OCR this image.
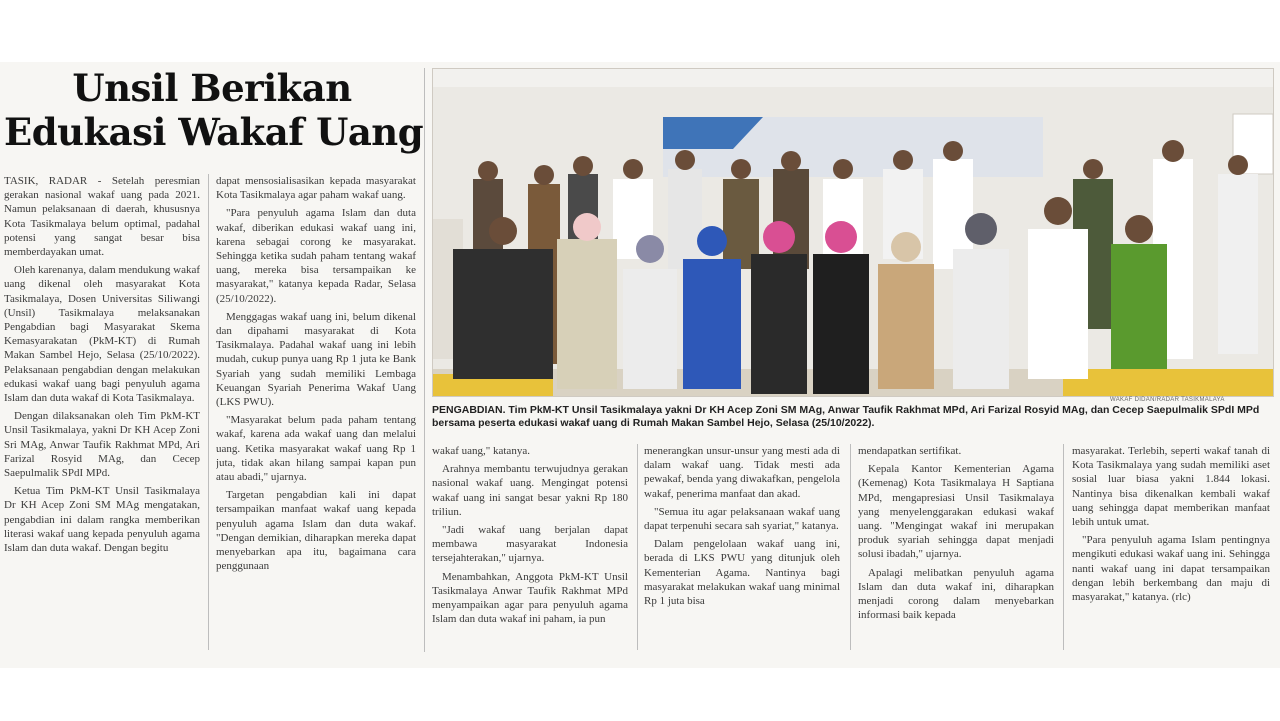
Unsil Berikan
Edukasi Wakaf Uang

TASIK, RADAR - Setelah peresmian gerakan nasional wakaf uang pada 2021. Namun pelaksanaan di daerah, khususnya Kota Tasikmalaya belum optimal, padahal potensi yang sangat besar bisa memberdayakan umat.

Oleh karenanya, dalam mendukung wakaf uang dikenal oleh masyarakat Kota Tasikmalaya, Dosen Universitas Siliwangi (Unsil) Tasikmalaya melaksanakan Pengabdian bagi Masyarakat Skema Kemasyarakatan (PkM-KT) di Rumah Makan Sambel Hejo, Selasa (25/10/2022). Pelaksanaan pengabdian dengan melakukan edukasi wakaf uang bagi penyuluh agama Islam dan duta wakaf di Kota Tasikmalaya.

Dengan dilaksanakan oleh Tim PkM-KT Unsil Tasikmalaya, yakni Dr KH Acep Zoni Sri MAg, Anwar Taufik Rakhmat MPd, Ari Farizal Rosyid MAg, dan Cecep Saepulmalik SPdI MPd.

Ketua Tim PkM-KT Unsil Tasikmalaya Dr KH Acep Zoni SM MAg mengatakan, pengabdian ini dalam rangka memberikan literasi wakaf uang kepada penyuluh agama Islam dan duta wakaf. Dengan begitu

dapat mensosialisasikan kepada masyarakat Kota Tasikmalaya agar paham wakaf uang.

"Para penyuluh agama Islam dan duta wakaf, diberikan edukasi wakaf uang ini, karena sebagai corong ke masyarakat. Sehingga ketika sudah paham tentang wakaf uang, mereka bisa tersampaikan ke masyarakat," katanya kepada Radar, Selasa (25/10/2022).

Menggagas wakaf uang ini, belum dikenal dan dipahami masyarakat di Kota Tasikmalaya. Padahal wakaf uang ini lebih mudah, cukup punya uang Rp 1 juta ke Bank Syariah yang sudah memiliki Lembaga Keuangan Syariah Penerima Wakaf Uang (LKS PWU).

"Masyarakat belum pada paham tentang wakaf, karena ada wakaf uang dan melalui uang. Ketika masyarakat wakaf uang Rp 1 juta, tidak akan hilang sampai kapan pun atau abadi," ujarnya.

Targetan pengabdian kali ini dapat tersampaikan manfaat wakaf uang kepada penyuluh agama Islam dan duta wakaf. "Dengan demikian, diharapkan mereka dapat menyebarkan apa itu, bagaimana cara penggunaan

WAKAF DIDAN/RADAR TASIKMALAYA
PENGABDIAN. Tim PkM-KT Unsil Tasikmalaya yakni Dr KH Acep Zoni SM MAg, Anwar Taufik Rakhmat MPd, Ari Farizal Rosyid MAg, dan Cecep Saepulmalik SPdI MPd bersama peserta edukasi wakaf uang di Rumah Makan Sambel Hejo, Selasa (25/10/2022).

wakaf uang," katanya.

Arahnya membantu terwujudnya gerakan nasional wakaf uang. Mengingat potensi wakaf uang ini sangat besar yakni Rp 180 triliun.

"Jadi wakaf uang berjalan dapat membawa masyarakat Indonesia tersejahterakan," ujarnya.

Menambahkan, Anggota PkM-KT Unsil Tasikmalaya Anwar Taufik Rakhmat MPd menyampaikan agar para penyuluh agama Islam dan duta wakaf ini paham, ia pun

menerangkan unsur-unsur yang mesti ada di dalam wakaf uang. Tidak mesti ada pewakaf, benda yang diwakafkan, pengelola wakaf, penerima manfaat dan akad.

"Semua itu agar pelaksanaan wakaf uang dapat terpenuhi secara sah syariat," katanya.

Dalam pengelolaan wakaf uang ini, berada di LKS PWU yang ditunjuk oleh Kementerian Agama. Nantinya bagi masyarakat melakukan wakaf uang minimal Rp 1 juta bisa

mendapatkan sertifikat.

Kepala Kantor Kementerian Agama (Kemenag) Kota Tasikmalaya H Saptiana MPd, mengapresiasi Unsil Tasikmalaya yang menyelenggarakan edukasi wakaf uang. "Mengingat wakaf ini merupakan produk syariah sehingga dapat menjadi solusi ibadah," ujarnya.

Apalagi melibatkan penyuluh agama Islam dan duta wakaf ini, diharapkan menjadi corong dalam menyebarkan informasi baik kepada

masyarakat. Terlebih, seperti wakaf tanah di Kota Tasikmalaya yang sudah memiliki aset sosial luar biasa yakni 1.844 lokasi. Nantinya bisa dikenalkan kembali wakaf uang sehingga dapat memberikan manfaat lebih untuk umat.

"Para penyuluh agama Islam pentingnya mengikuti edukasi wakaf uang ini. Sehingga nanti wakaf uang ini dapat tersampaikan dengan lebih berkembang dan maju di masyarakat," katanya. (rlc)
